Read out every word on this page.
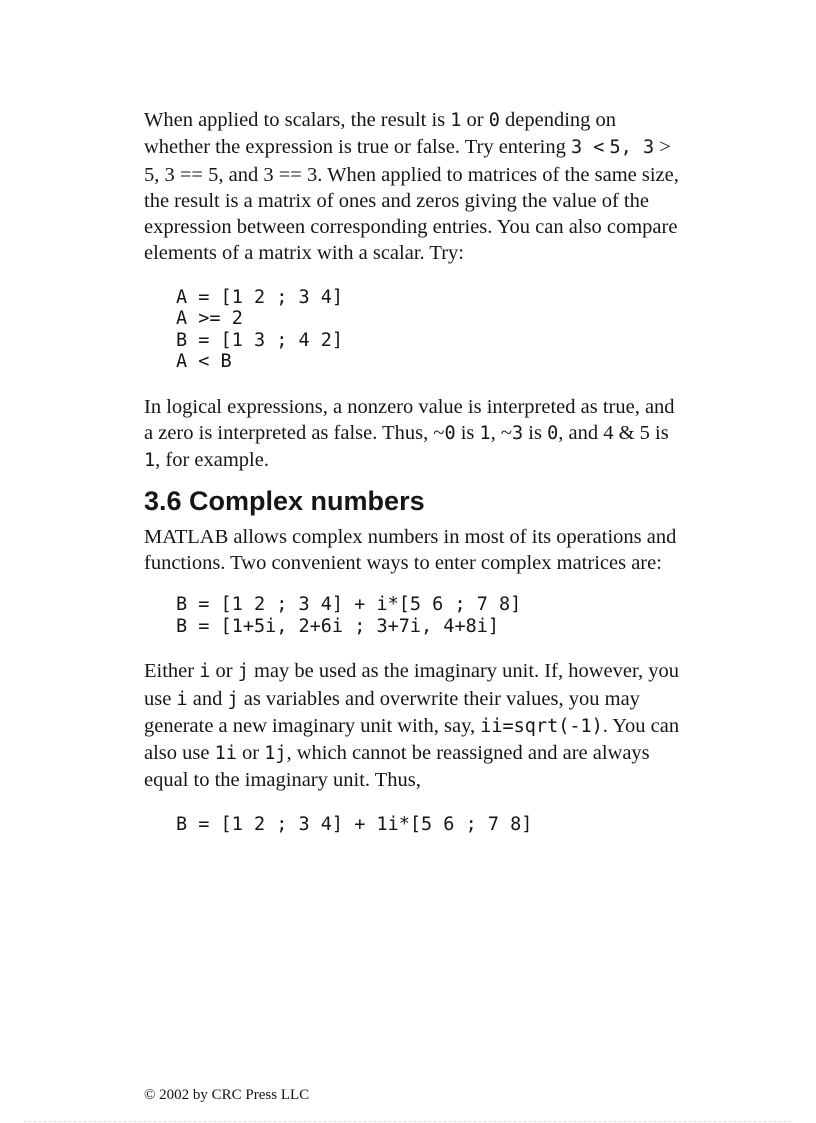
When applied to scalars, the result is 1 or 0 depending on whether the expression is true or false. Try entering 3 < 5, 3 > 5, 3 == 5, and 3 == 3. When applied to matrices of the same size, the result is a matrix of ones and zeros giving the value of the expression between corresponding entries. You can also compare elements of a matrix with a scalar. Try:

A = [1 2 ; 3 4]
A >= 2
B = [1 3 ; 4 2]
A < B

In logical expressions, a nonzero value is interpreted as true, and a zero is interpreted as false. Thus, ~0 is 1, ~3 is 0, and 4 & 5 is 1, for example.

3.6 Complex numbers

MATLAB allows complex numbers in most of its operations and functions. Two convenient ways to enter complex matrices are:

B = [1 2 ; 3 4] + i*[5 6 ; 7 8]
B = [1+5i, 2+6i ; 3+7i, 4+8i]

Either i or j may be used as the imaginary unit. If, however, you use i and j as variables and overwrite their values, you may generate a new imaginary unit with, say, ii=sqrt(-1). You can also use 1i or 1j, which cannot be reassigned and are always equal to the imaginary unit. Thus,

B = [1 2 ; 3 4] + 1i*[5 6 ; 7 8]
© 2002 by CRC Press LLC
